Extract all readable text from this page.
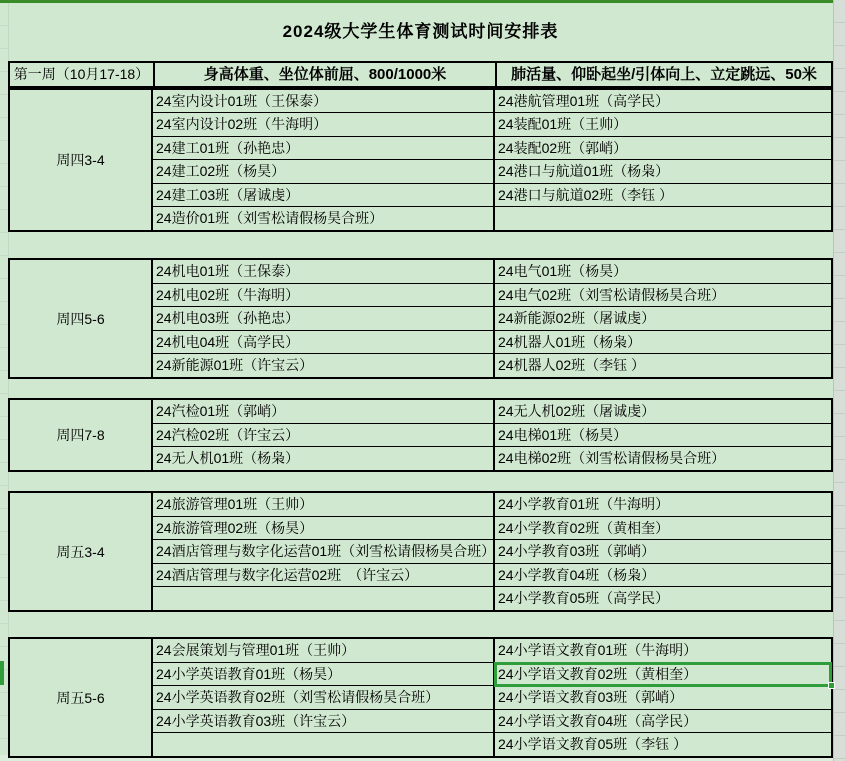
2024级大学生体育测试时间安排表
第一周（10月17-18）	身高体重、坐位体前屈、800/1000米	肺活量、仰卧起坐/引体向上、立定跳远、50米
周四3-4
24室内设计01班（王保泰）
24室内设计02班（牛海明）
24建工01班（孙艳忠）
24建工02班（杨昊）
24建工03班（屠诚虔）
24造价01班（刘雪松请假杨昊合班）
24港航管理01班（高学民）
24装配01班（王帅）
24装配02班（郭峭）
24港口与航道01班（杨枭）
24港口与航道02班（李钰 ）
周四5-6
24机电01班（王保泰）
24机电02班（牛海明）
24机电03班（孙艳忠）
24机电04班（高学民）
24新能源01班（许宝云）
24电气01班（杨昊）
24电气02班（刘雪松请假杨昊合班）
24新能源02班（屠诚虔）
24机器人01班（杨枭）
24机器人02班（李钰 ）
周四7-8
24汽检01班（郭峭）
24汽检02班（许宝云）
24无人机01班（杨枭）
24无人机02班（屠诚虔）
24电梯01班（杨昊）
24电梯02班（刘雪松请假杨昊合班）
周五3-4
24旅游管理01班（王帅）
24旅游管理02班（杨昊）
24酒店管理与数字化运营01班（刘雪松请假杨昊合班）
24酒店管理与数字化运营02班　（许宝云）
24小学教育01班（牛海明）
24小学教育02班（黄相奎）
24小学教育03班（郭峭）
24小学教育04班（杨枭）
24小学教育05班（高学民）
周五5-6
24会展策划与管理01班（王帅）
24小学英语教育01班（杨昊）
24小学英语教育02班（刘雪松请假杨昊合班）
24小学英语教育03班（许宝云）
24小学语文教育01班（牛海明）
24小学语文教育02班（黄相奎）
24小学语文教育03班（郭峭）
24小学语文教育04班（高学民）
24小学语文教育05班（李钰 ）
